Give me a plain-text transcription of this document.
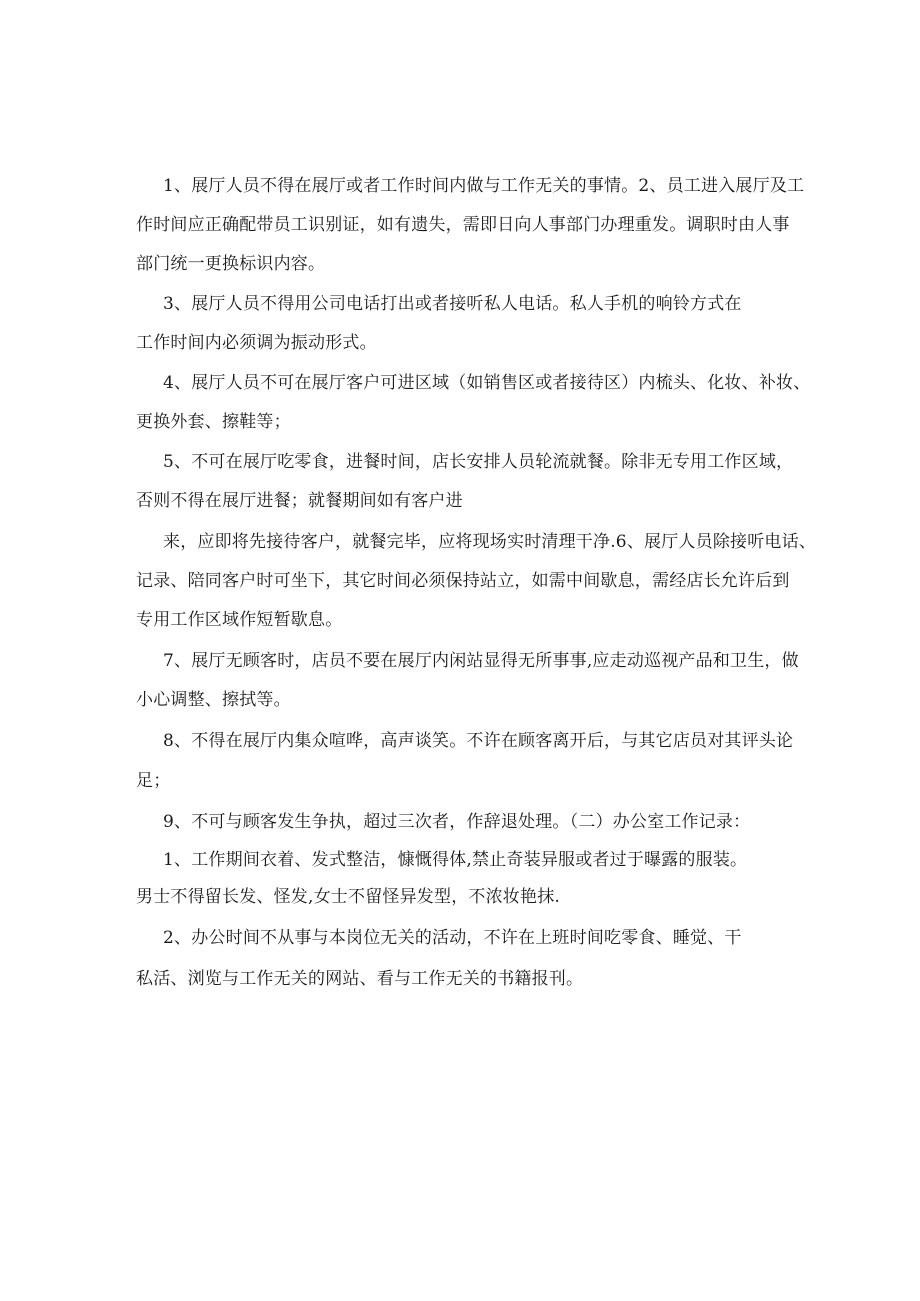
1、展厅人员不得在展厅或者工作时间内做与工作无关的事情。2、员工进入展厅及工

作时间应正确配带员工识别证，如有遗失，需即日向人事部门办理重发。调职时由人事

部门统一更换标识内容。

3、展厅人员不得用公司电话打出或者接听私人电话。私人手机的响铃方式在

工作时间内必须调为振动形式。

4、展厅人员不可在展厅客户可进区域（如销售区或者接待区）内梳头、化妆、补妆、

更换外套、擦鞋等；

5、不可在展厅吃零食，进餐时间，店长安排人员轮流就餐。除非无专用工作区域，

否则不得在展厅进餐；就餐期间如有客户进

来，应即将先接待客户，就餐完毕，应将现场实时清理干净.6、展厅人员除接听电话、

记录、陪同客户时可坐下，其它时间必须保持站立，如需中间歇息，需经店长允许后到

专用工作区域作短暂歇息。

7、展厅无顾客时，店员不要在展厅内闲站显得无所事事,应走动巡视产品和卫生，做

小心调整、擦拭等。

8、不得在展厅内集众喧哗，高声谈笑。不许在顾客离开后，与其它店员对其评头论

足；

9、不可与顾客发生争执，超过三次者，作辞退处理。（二）办公室工作记录：

1、工作期间衣着、发式整洁，慷慨得体,禁止奇装异服或者过于曝露的服装。

男士不得留长发、怪发,女士不留怪异发型，不浓妆艳抹.

2、办公时间不从事与本岗位无关的活动，不许在上班时间吃零食、睡觉、干

私活、浏览与工作无关的网站、看与工作无关的书籍报刊。
